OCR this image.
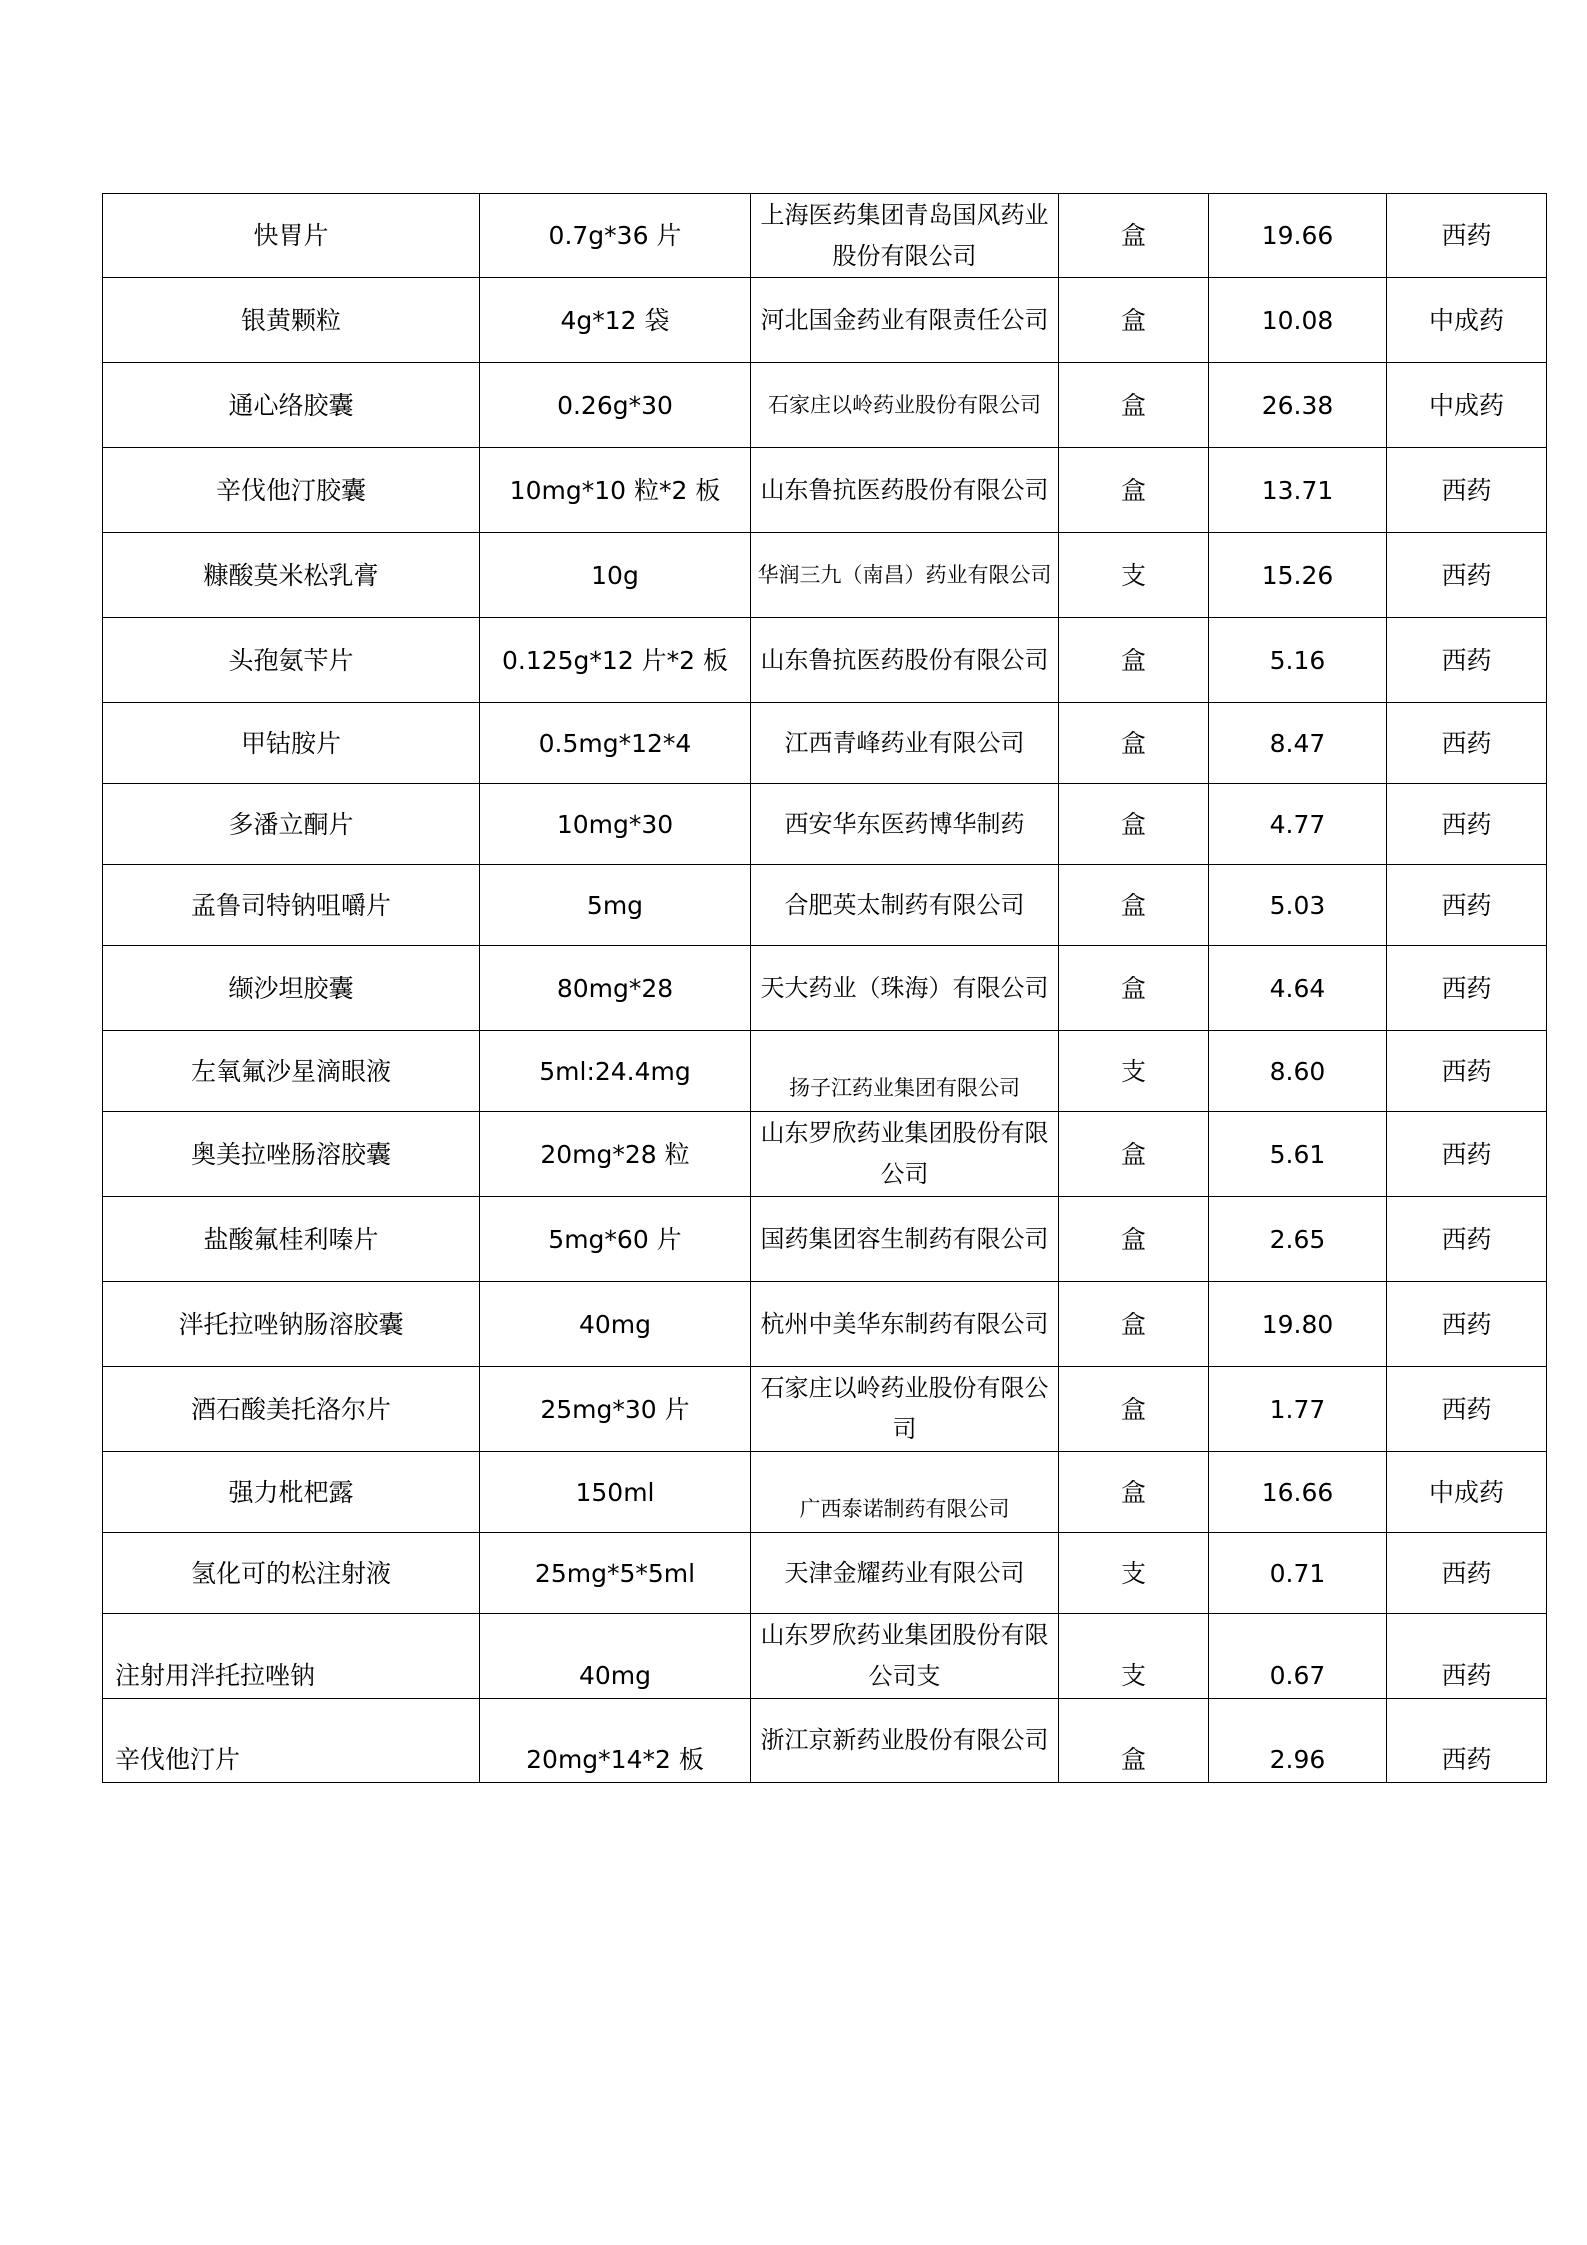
快胃片	0.7g*36 片	上海医药集团青岛国风药业股份有限公司	盒	19.66	西药
银黄颗粒	4g*12 袋	河北国金药业有限责任公司	盒	10.08	中成药
通心络胶囊	0.26g*30	石家庄以岭药业股份有限公司	盒	26.38	中成药
辛伐他汀胶囊	10mg*10 粒*2 板	山东鲁抗医药股份有限公司	盒	13.71	西药
糠酸莫米松乳膏	10g	华润三九（南昌）药业有限公司	支	15.26	西药
头孢氨苄片	0.125g*12 片*2 板	山东鲁抗医药股份有限公司	盒	5.16	西药
甲钴胺片	0.5mg*12*4	江西青峰药业有限公司	盒	8.47	西药
多潘立酮片	10mg*30	西安华东医药博华制药	盒	4.77	西药
孟鲁司特钠咀嚼片	5mg	合肥英太制药有限公司	盒	5.03	西药
缬沙坦胶囊	80mg*28	天大药业（珠海）有限公司	盒	4.64	西药
左氧氟沙星滴眼液	5ml:24.4mg	扬子江药业集团有限公司	支	8.60	西药
奥美拉唑肠溶胶囊	20mg*28 粒	山东罗欣药业集团股份有限公司	盒	5.61	西药
盐酸氟桂利嗪片	5mg*60 片	国药集团容生制药有限公司	盒	2.65	西药
泮托拉唑钠肠溶胶囊	40mg	杭州中美华东制药有限公司	盒	19.80	西药
酒石酸美托洛尔片	25mg*30 片	石家庄以岭药业股份有限公司	盒	1.77	西药
强力枇杷露	150ml	广西泰诺制药有限公司	盒	16.66	中成药
氢化可的松注射液	25mg*5*5ml	天津金耀药业有限公司	支	0.71	西药
注射用泮托拉唑钠	40mg	山东罗欣药业集团股份有限公司支	支	0.67	西药
辛伐他汀片	20mg*14*2 板	浙江京新药业股份有限公司	盒	2.96	西药
